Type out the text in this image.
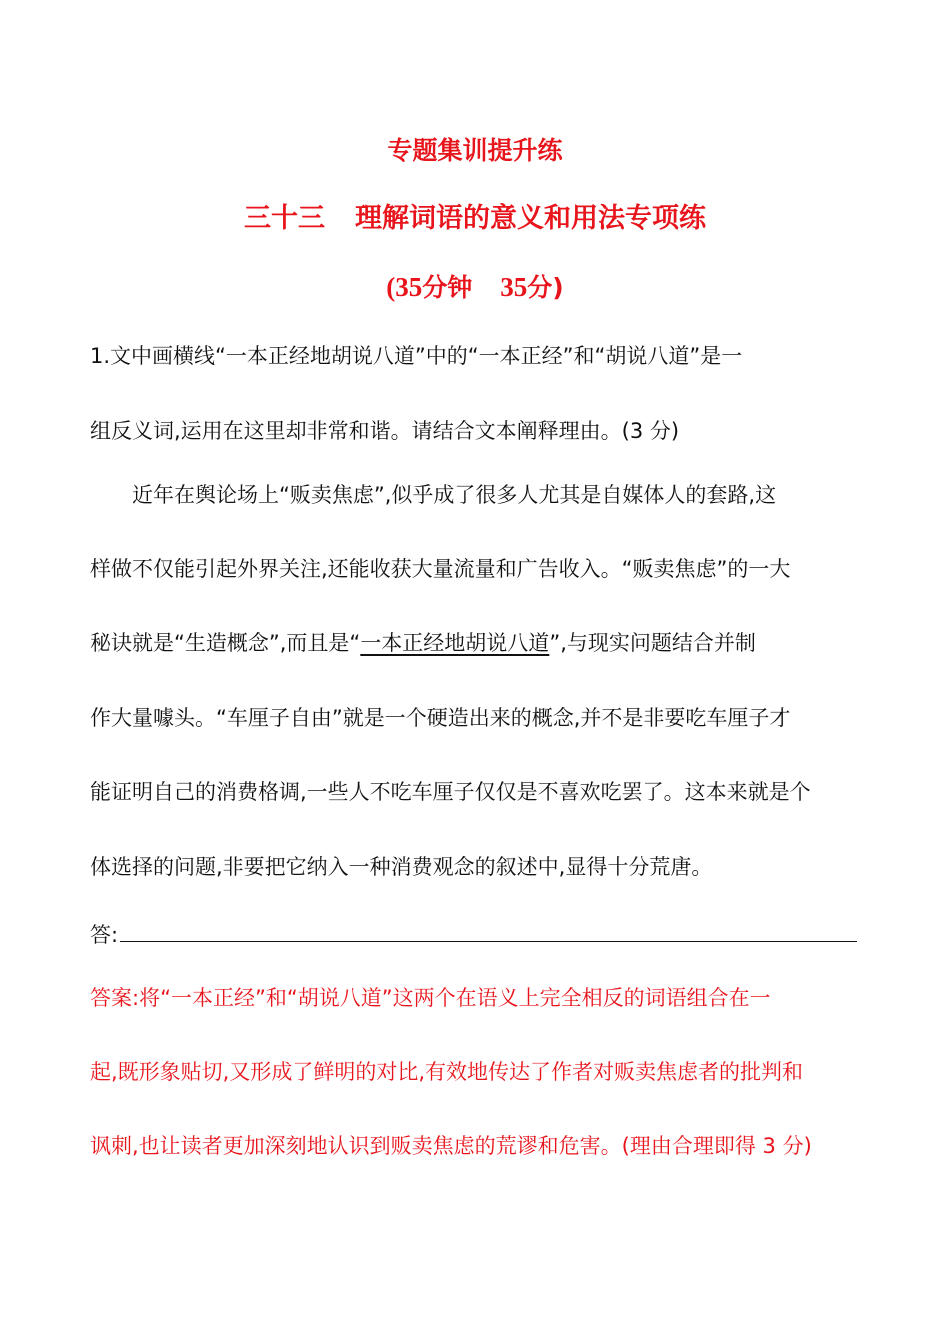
专题集训提升练
三十三 理解词语的意义和用法专项练
(35分钟 35分)
1.文中画横线“一本正经地胡说八道”中的“一本正经”和“胡说八道”是一
组反义词,运用在这里却非常和谐。请结合文本阐释理由。(3 分)
近年在舆论场上“贩卖焦虑”,似乎成了很多人尤其是自媒体人的套路,这
样做不仅能引起外界关注,还能收获大量流量和广告收入。“贩卖焦虑”的一大
秘诀就是“生造概念”,而且是“一本正经地胡说八道”,与现实问题结合并制
作大量噱头。“车厘子自由”就是一个硬造出来的概念,并不是非要吃车厘子才
能证明自己的消费格调,一些人不吃车厘子仅仅是不喜欢吃罢了。这本来就是个
体选择的问题,非要把它纳入一种消费观念的叙述中,显得十分荒唐。
答:
答案:将“一本正经”和“胡说八道”这两个在语义上完全相反的词语组合在一
起,既形象贴切,又形成了鲜明的对比,有效地传达了作者对贩卖焦虑者的批判和
讽刺,也让读者更加深刻地认识到贩卖焦虑的荒谬和危害。(理由合理即得 3 分)
